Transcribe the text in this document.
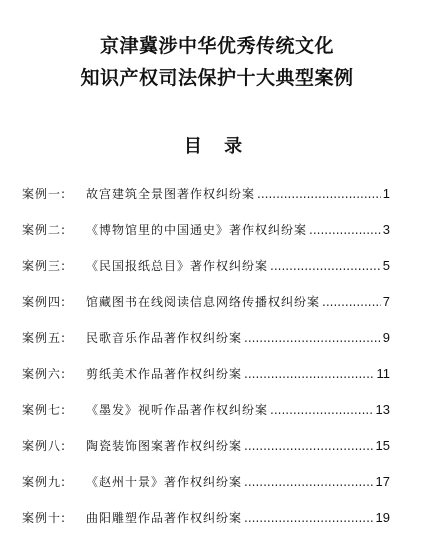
京津冀涉中华优秀传统文化
知识产权司法保护十大典型案例
目 录
案例一:	故宫建筑全景图著作权纠纷案 .....	1
案例二:	《博物馆里的中国通史》著作权纠纷案 .....	3
案例三:	《民国报纸总目》著作权纠纷案 .....	5
案例四:	馆藏图书在线阅读信息网络传播权纠纷案 .....	7
案例五:	民歌音乐作品著作权纠纷案 .....	9
案例六:	剪纸美术作品著作权纠纷案 .....	11
案例七:	《墨发》视听作品著作权纠纷案 .....	13
案例八:	陶瓷装饰图案著作权纠纷案 .....	15
案例九:	《赵州十景》著作权纠纷案 .....	17
案例十:	曲阳雕塑作品著作权纠纷案 .....	19
